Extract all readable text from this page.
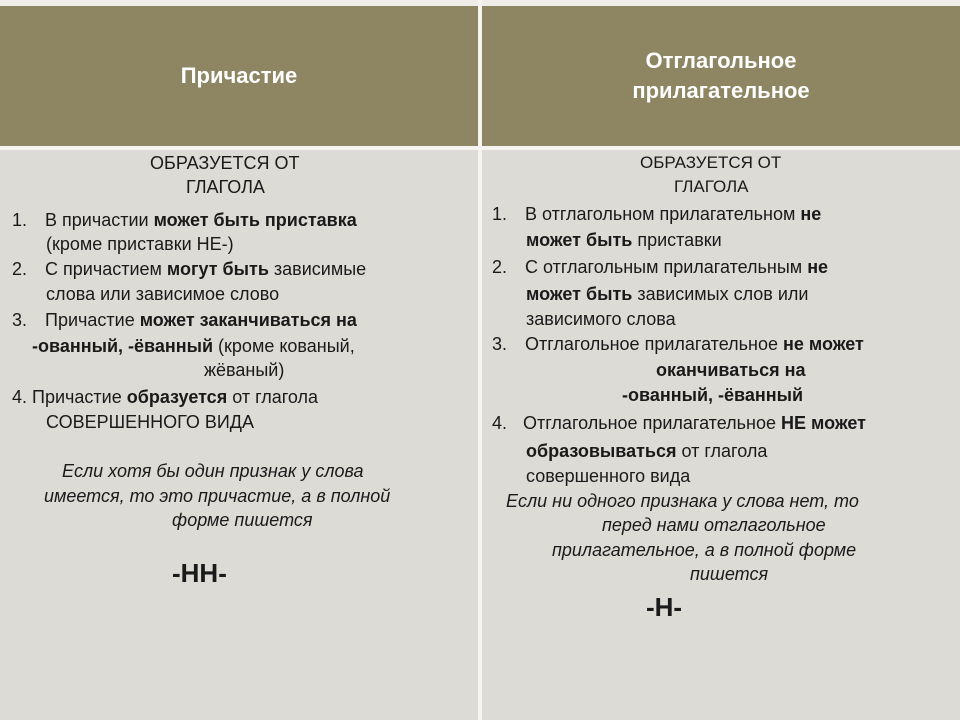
Причастие
Отглагольное
прилагательное
ОБРАЗУЕТСЯ ОТ
ГЛАГОЛА
1. В причастии может быть приставка
(кроме приставки НЕ-)
2. С причастием могут быть зависимые
слова или зависимое слово
3. Причастие может заканчиваться на
-ованный, -ёванный (кроме кованый,
жёваный)
4. Причастие образуется от глагола
СОВЕРШЕННОГО ВИДА
Если хотя бы один признак у слова
имеется, то это причастие, а в полной
форме пишется
-НН-
ОБРАЗУЕТСЯ ОТ
ГЛАГОЛА
1. В отглагольном прилагательном не
может быть приставки
2. С отглагольным прилагательным не
может быть зависимых слов или
зависимого слова
3. Отглагольное прилагательное не может
оканчиваться на
-ованный, -ёванный
4. Отглагольное прилагательное НЕ может
образовываться от глагола
совершенного вида
Если ни одного признака у слова нет, то
перед нами отглагольное
прилагательное, а в полной форме
пишется
-Н-
